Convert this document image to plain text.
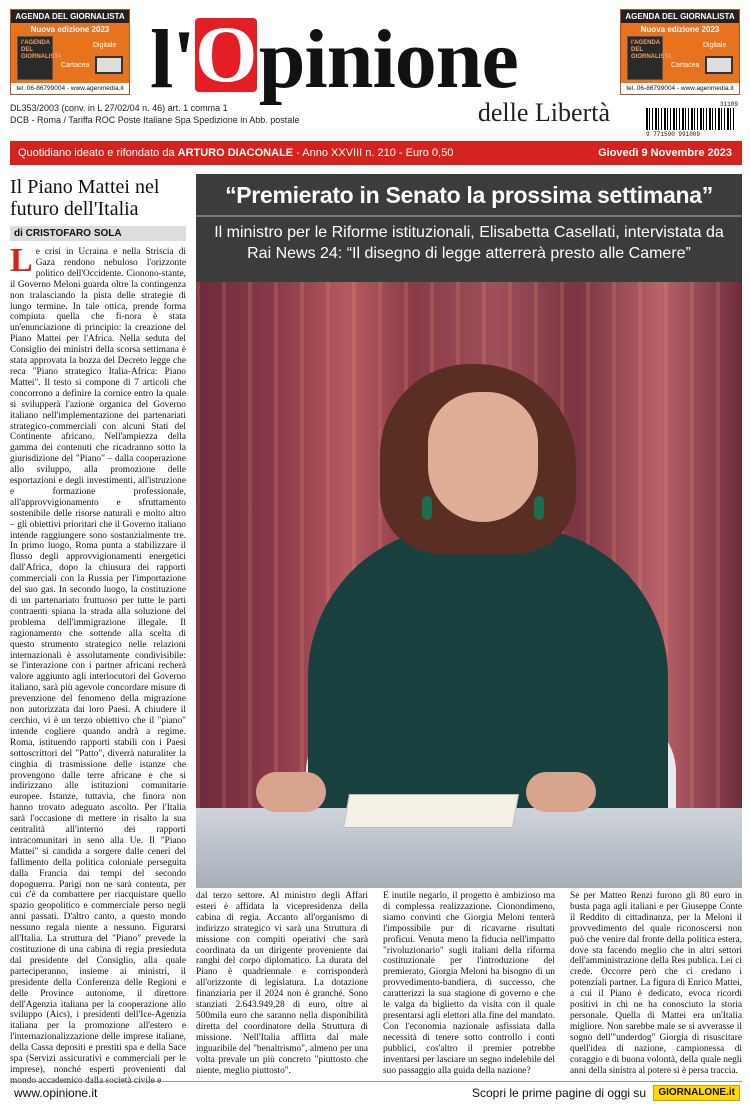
AGENDA DEL GIORNALISTA
Nuova edizione 2023
l'AGENDA DEL GIORNALISTA
Digitale
Cartacea
tel. 06-86799004 - www.agenmedia.it l'Opinione
delle Libertà
AGENDA DEL GIORNALISTA
Nuova edizione 2023
l'AGENDA DEL GIORNALISTA
Digitale
Cartacea
tel. 06-86799004 - www.agenmedia.it
DL353/2003 (conv. in L 27/02/04 n. 46) art. 1 comma 1
DCB - Roma / Tariffa ROC Poste Italiane Spa Spedizione in Abb. postale
31109
9 771590 991009
Quotidiano ideato e rifondato da ARTURO DIACONALE - Anno XXVIII n. 210 - Euro 0,50	Giovedì 9 Novembre 2023
Il Piano Mattei nel futuro dell'Italia
di CRISTOFARO SOLA
Le crisi in Ucraina e nella Striscia di Gaza rendono nebuloso l'orizzonte politico dell'Occidente. Cionono-stante, il Governo Meloni guarda oltre la contingenza non tralasciando la pista delle strategie di lungo termine. In tale ottica, prende forma compiuta quella che fi-nora è stata un'enunciazione di principio: la creazione del Piano Mattei per l'Africa. Nella seduta del Consiglio dei ministri della scorsa settimana è stata approvata la bozza del Decreto legge che reca "Piano strategico Italia-Africa: Piano Mattei". Il testo si compone di 7 articoli che concorrono a definire la cornice entro la quale si svilupperà l'azione organica del Governo italiano nell'implementazione dei partenariati strategico-commerciali con alcuni Stati del Continente africano. Nell'ampiezza della gamma dei contenuti che ricadranno sotto la giurisdizione del "Piano" – dalla cooperazione allo sviluppo, alla promozione delle esportazioni e degli investimenti, all'istruzione e formazione professionale, all'approvvigionamento e sfruttamento sostenibile delle risorse naturali e molto altro – gli obiettivi prioritari che il Governo italiano intende raggiungere sono sostanzialmente tre. In primo luogo, Roma punta a stabilizzare il flusso degli approvvigionamenti energetici dall'Africa, dopo la chiusura dei rapporti commerciali con la Russia per l'importazione del suo gas. In secondo luogo, la costituzione di un partenariato fruttuoso per tutte le parti contraenti spiana la strada alla soluzione del problema dell'immigrazione illegale. Il ragionamento che sottende alla scelta di questo strumento strategico nelle relazioni internazionali è assolutamente condivisibile: se l'interazione con i partner africani recherà valore aggiunto agli interlocutori del Governo italiano, sarà più agevole concordare misure di prevenzione del fenomeno della migrazione non autorizzata dai loro Paesi. A chiudere il cerchio, vi è un terzo obiettivo che il "piano" intende cogliere quando andrà a regime. Roma, istituendo rapporti stabili con i Paesi sottoscrittori del "Patto", diverrà naturaliter la cinghia di trasmissione delle istanze che provengono dalle terre africane e che si indirizzano alle istituzioni comunitarie europee. Istanze, tuttavia, che finora non hanno trovato adeguato ascolto. Per l'Italia sarà l'occasione di mettere in risalto la sua centralità all'interno dei rapporti intracomunitari in seno alla Ue. Il "Piano Mattei" si candida a sorgere dalle ceneri del fallimento della politica coloniale perseguita dalla Francia dai tempi del secondo dopoguerra. Parigi non ne sarà contenta, per cui c'è da combattere per riacquistare quello spazio geopolitico e commerciale perso negli anni passati. D'altro canto, a questo mondo nessuno regala niente a nessuno. Figurarsi all'Italia. La struttura del "Piano" prevede la costituzione di una cabina di regia presieduta dal presidente del Consiglio, alla quale parteciperanno, insieme ai ministri, il presidente della Conferenza delle Regioni e delle Province autonome, il direttore dell'Agenzia italiana per la cooperazione allo sviluppo (Aics), i presidenti dell'Ice-Agenzia italiana per la promozione all'estero e l'internazionalizzazione delle imprese italiane, della Cassa depositi e prestiti spa e della Sace spa (Servizi assicurativi e commerciali per le imprese), nonché esperti provenienti dal mondo accademico dalla società civile e
“Premierato in Senato la prossima settimana”
Il ministro per le Riforme istituzionali, Elisabetta Casellati, intervistata da Rai News 24: “Il disegno di legge atterrerà presto alle Camere”
dal terzo settore. Al ministro degli Affari esteri è affidata la vicepresidenza della cabina di regia. Accanto all'organismo di indirizzo strategico vi sarà una Struttura di missione con compiti operativi che sarà coordinata da un dirigente proveniente dai ranghi del corpo diplomatico. La durata del Piano è quadriennale e corrisponderà all'orizzonte di legislatura. La dotazione finanziaria per il 2024 non è granché. Sono stanziati 2.643.949,28 di euro, oltre ai 500mila euro che saranno nella disponibilità diretta del coordinatore della Struttura di missione. Nell'Italia afflitta dal male inguaribile del "benaltrismo", almeno per una volta prevale un più concreto "piuttosto che niente, meglio piuttosto".
È inutile negarlo, il progetto è ambizioso ma di complessa realizzazione. Cionondimeno, siamo convinti che Giorgia Meloni tenterà l'impossibile pur di ricavarne risultati proficui. Venuta meno la fiducia nell'impatto "rivoluzionario" sugli italiani della riforma costituzionale per l'introduzione del premierato, Giorgia Meloni ha bisogno di un provvedimento-bandiera, di successo, che caratterizzi la sua stagione di governo e che le valga da biglietto da visita con il quale presentarsi agli elettori alla fine del mandato. Con l'economia nazionale asfissiata dalla necessità di tenere sotto controllo i conti pubblici, cos'altro il premier potrebbe inventarsi per lasciare un segno indelebile del suo passaggio alla guida della nazione?
Se per Matteo Renzi furono gli 80 euro in busta paga agli italiani e per Giuseppe Conte il Reddito di cittadinanza, per la Meloni il provvedimento del quale riconoscersi non può che venire dal fronte della politica estera, dove sta facendo meglio che in altri settori dell'amministrazione della Res publica. Lei ci crede. Occorre però che ci credano i potenziali partner. La figura di Enrico Mattei, a cui il Piano è dedicato, evoca ricordi positivi in chi ne ha conosciuto la storia personale. Quella di Mattei era un'Italia migliore. Non sarebbe male se si avverasse il sogno dell'"underdog" Giorgia di risuscitare quell'idea di nazione, campionessa di coraggio e di buona volontà, della quale negli anni della sinistra al potere si è persa traccia.
www.opinione.it	Scopri le prime pagine di oggi su	GIORNALONE.it
